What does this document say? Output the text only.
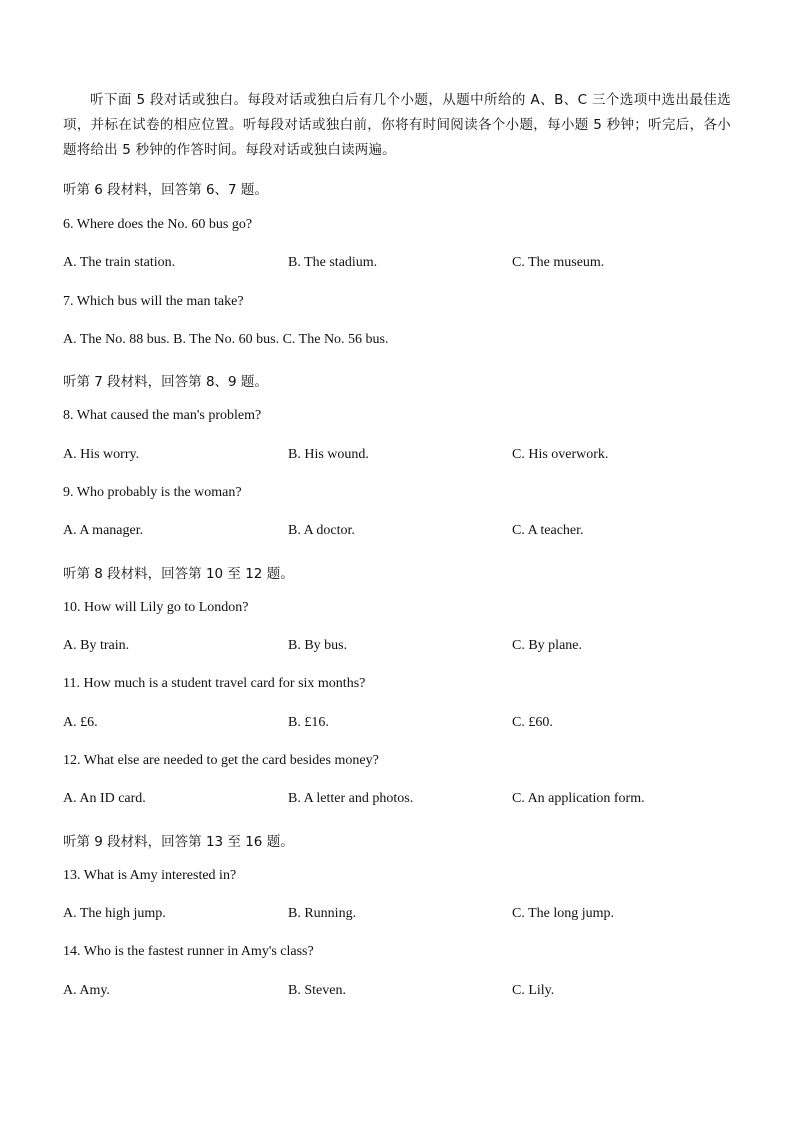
听下面 5 段对话或独白。每段对话或独白后有几个小题，从题中所给的 A、B、C 三个选项中选出最佳选项，并标在试卷的相应位置。听每段对话或独白前，你将有时间阅读各个小题，每小题 5 秒钟；听完后，各小题将给出 5 秒钟的作答时间。每段对话或独白读两遍。
听第 6 段材料，回答第 6、7 题。
6. Where does the No. 60 bus go?
A. The train station.	B. The stadium.	C. The museum.
7. Which bus will the man take?
A. The No. 88 bus. B. The No. 60 bus. C. The No. 56 bus.
听第 7 段材料，回答第 8、9 题。
8. What caused the man's problem?
A. His worry.	B. His wound.	C. His overwork.
9. Who probably is the woman?
A. A manager.	B. A doctor.	C. A teacher.
听第 8 段材料，回答第 10 至 12 题。
10. How will Lily go to London?
A. By train.	B. By bus.	C. By plane.
11. How much is a student travel card for six months?
A. £6.	B. £16.	C. £60.
12. What else are needed to get the card besides money?
A. An ID card.	B. A letter and photos.	C. An application form.
听第 9 段材料，回答第 13 至 16 题。
13. What is Amy interested in?
A. The high jump.	B. Running.	C. The long jump.
14. Who is the fastest runner in Amy's class?
A. Amy.	B. Steven.	C. Lily.
